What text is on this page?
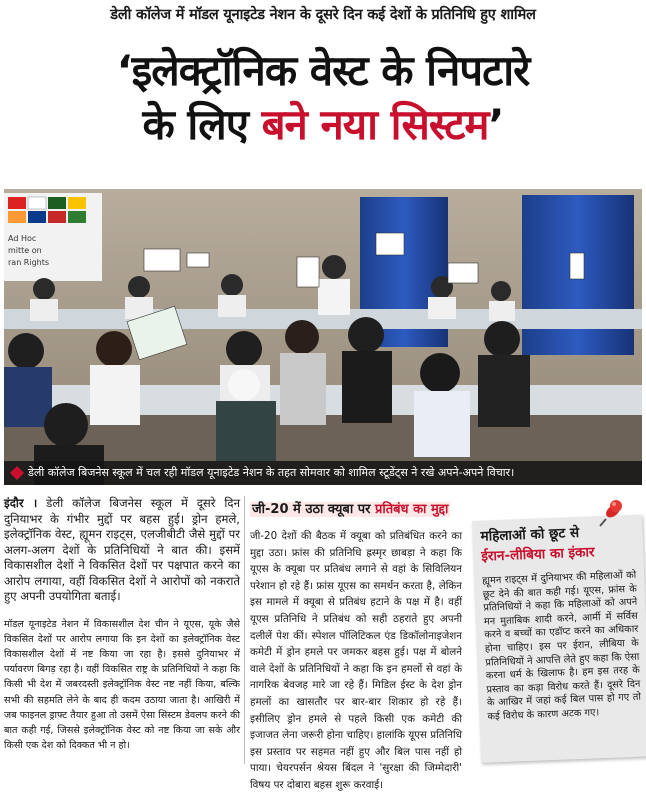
डेली कॉलेज में मॉडल यूनाइटेड नेशन के दूसरे दिन कई देशों के प्रतिनिधि हुए शामिल
‘इलेक्ट्रॉनिक वेस्ट के निपटारे
के लिए बने नया सिस्टम’
Ad Hoc
mitte on
ran Rights
डेली कॉलेज बिजनेस स्कूल में चल रही मॉडल यूनाइटेड नेशन के तहत सोमवार को शामिल स्टूडेंट्स ने रखे अपने-अपने विचार।

इंदौर । डेली कॉलेज बिजनेस स्कूल में दूसरे दिन दुनियाभर के गंभीर मुद्दों पर बहस हुई। ड्रोन हमले, इलेक्ट्रॉनिक वेस्ट, ह्यूमन राइट्स, एलजीबीटी जैसे मुद्दों पर अलग-अलग देशों के प्रतिनिधियों ने बात की। इसमें विकासशील देशों ने विकसित देशों पर पक्षपात करने का आरोप लगाया, वहीं विकसित देशों ने आरोपों को नकराते हुए अपनी उपयोगिता बताई।

मॉडल यूनाइटेड नेशन में विकासशील देश चीन ने यूएस, यूके जैसे विकसित देशों पर आरोप लगाया कि इन देशों का इलेक्ट्रॉनिक वेस्ट विकासशील देशों में नष्ट किया जा रहा है। इससे दुनियाभर में पर्यावरण बिगड़ रहा है। वहीं विकसित राष्ट्र के प्रतिनिधियों ने कहा कि किसी भी देश में जबरदस्ती इलेक्ट्रॉनिक वेस्ट नष्ट नहीं किया, बल्कि सभी की सहमति लेने के बाद ही कदम उठाया जाता है। आखिरी में जब फाइनल ड्राफ्ट तैयार हुआ तो उसमें ऐसा सिस्टम डेवलप करने की बात कही गई, जिससे इलेक्ट्रॉनिक वेस्ट को नष्ट किया जा सके और किसी एक देश को दिक्कत भी न हो।

जी-20 में उठा क्यूबा पर प्रतिबंध का मुद्दा
जी-20 देशों की बैठक में क्यूबा को प्रतिबंधित करने का मुद्दा उठा। फ्रांस की प्रतिनिधि ह्रस्मृर छाबड़ा ने कहा कि यूएस के क्यूबा पर प्रतिबंध लगाने से वहां के सिविलियन परेशान हो रहे हैं। फ्रांस यूएस का समर्थन करता है, लेकिन इस मामले में क्यूबा से प्रतिबंध हटाने के पक्ष में है। वहीं यूएस प्रतिनिधि ने प्रतिबंध को सही ठहराते हुए अपनी दलीलें पेश कीं। स्पेशल पॉलिटिकल एंड डिकॉलोनाइजेशन कमेटी में ड्रोन हमले पर जमकर बहस हुई। पक्ष में बोलने वाले देशों के प्रतिनिधियों ने कहा कि इन हमलों से वहां के नागरिक बेवजह मारे जा रहे हैं। मिडिल ईस्ट के देश ड्रोन हमलों का खासतौर पर बार-बार शिकार हो रहे हैं। इसीलिए ड्रोन हमले से पहले किसी एक कमेटी की इजाजत लेना जरूरी होना चाहिए। हालांकि यूएस प्रतिनिधि इस प्रस्ताव पर सहमत नहीं हुए और बिल पास नहीं हो पाया। चेयरपर्सन श्रेयस बिंदल ने 'सुरक्षा की जिम्मेदारी' विषय पर दोबारा बहस शुरू करवाई।
महिलाओं को छूट से
ईरान-लीबिया का इंकार
ह्यूमन राइट्स में दुनियाभर की महिलाओं को छूट देने की बात कही गई। यूएस, फ्रांस के प्रतिनिधियों ने कहा कि महिलाओं को अपने मन मुताबिक शादी करने, आर्मी में सर्विस करने व बच्चों का एडॉप्ट करने का अधिकार होना चाहिए। इस पर ईरान, लीबिया के प्रतिनिधियों ने आपत्ति लेते हुए कहा कि ऐसा करना धर्म के खिलाफ है। हम इस तरह के प्रस्ताव का कड़ा विरोध करते हैं। दूसरे दिन के आखिर में जहां कई बिल पास हो गए तो कई विरोध के कारण अटक गए।
